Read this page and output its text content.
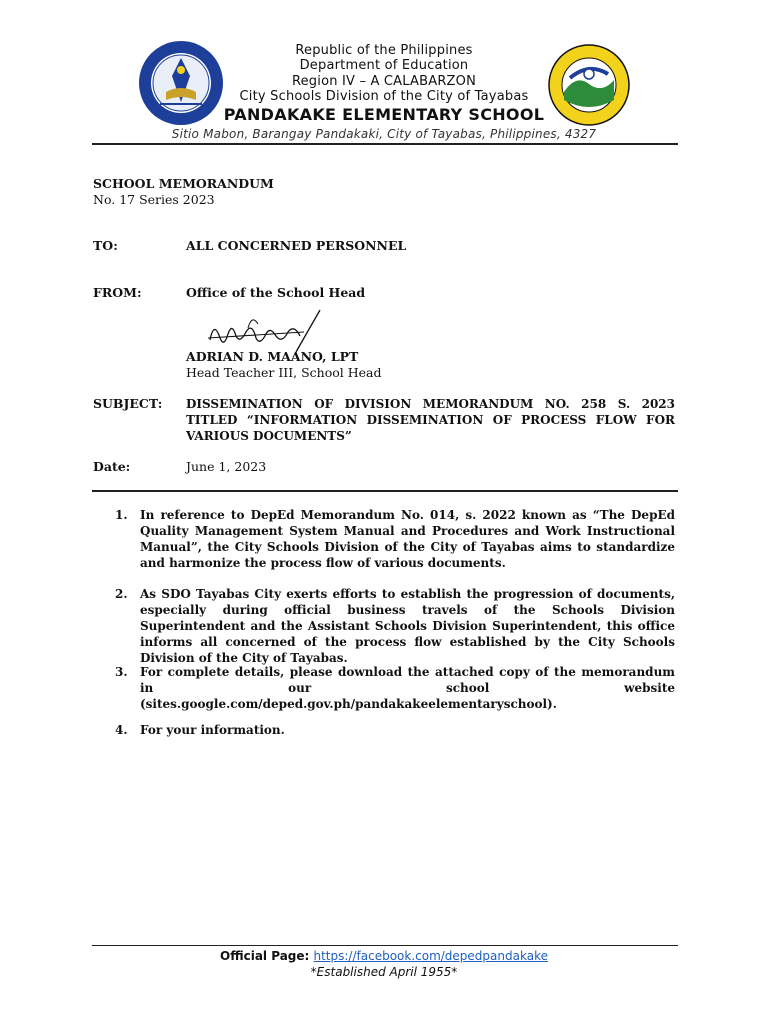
Republic of the Philippines
Department of Education
Region IV – A CALABARZON
City Schools Division of the City of Tayabas
PANDAKAKE ELEMENTARY SCHOOL
Sitio Mabon, Barangay Pandakaki, City of Tayabas, Philippines, 4327
SCHOOL MEMORANDUM
No. 17 Series 2023
TO:	ALL CONCERNED PERSONNEL
FROM:	Office of the School Head
ADRIAN D. MAANO, LPT
Head Teacher III, School Head
SUBJECT: DISSEMINATION OF DIVISION MEMORANDUM NO. 258 S. 2023 TITLED “INFORMATION DISSEMINATION OF PROCESS FLOW FOR VARIOUS DOCUMENTS”
Date:	June 1, 2023
1.	In reference to DepEd Memorandum No. 014, s. 2022 known as “The DepEd Quality Management System Manual and Procedures and Work Instructional Manual”, the City Schools Division of the City of Tayabas aims to standardize and harmonize the process flow of various documents.
2.	As SDO Tayabas City exerts efforts to establish the progression of documents, especially during official business travels of the Schools Division Superintendent and the Assistant Schools Division Superintendent, this office informs all concerned of the process flow established by the City Schools Division of the City of Tayabas.
3.	For complete details, please download the attached copy of the memorandum in our school website (sites.google.com/deped.gov.ph/pandakakeelementaryschool).
4.	For your information.
Official Page: https://facebook.com/depedpandakake
*Established April 1955*
